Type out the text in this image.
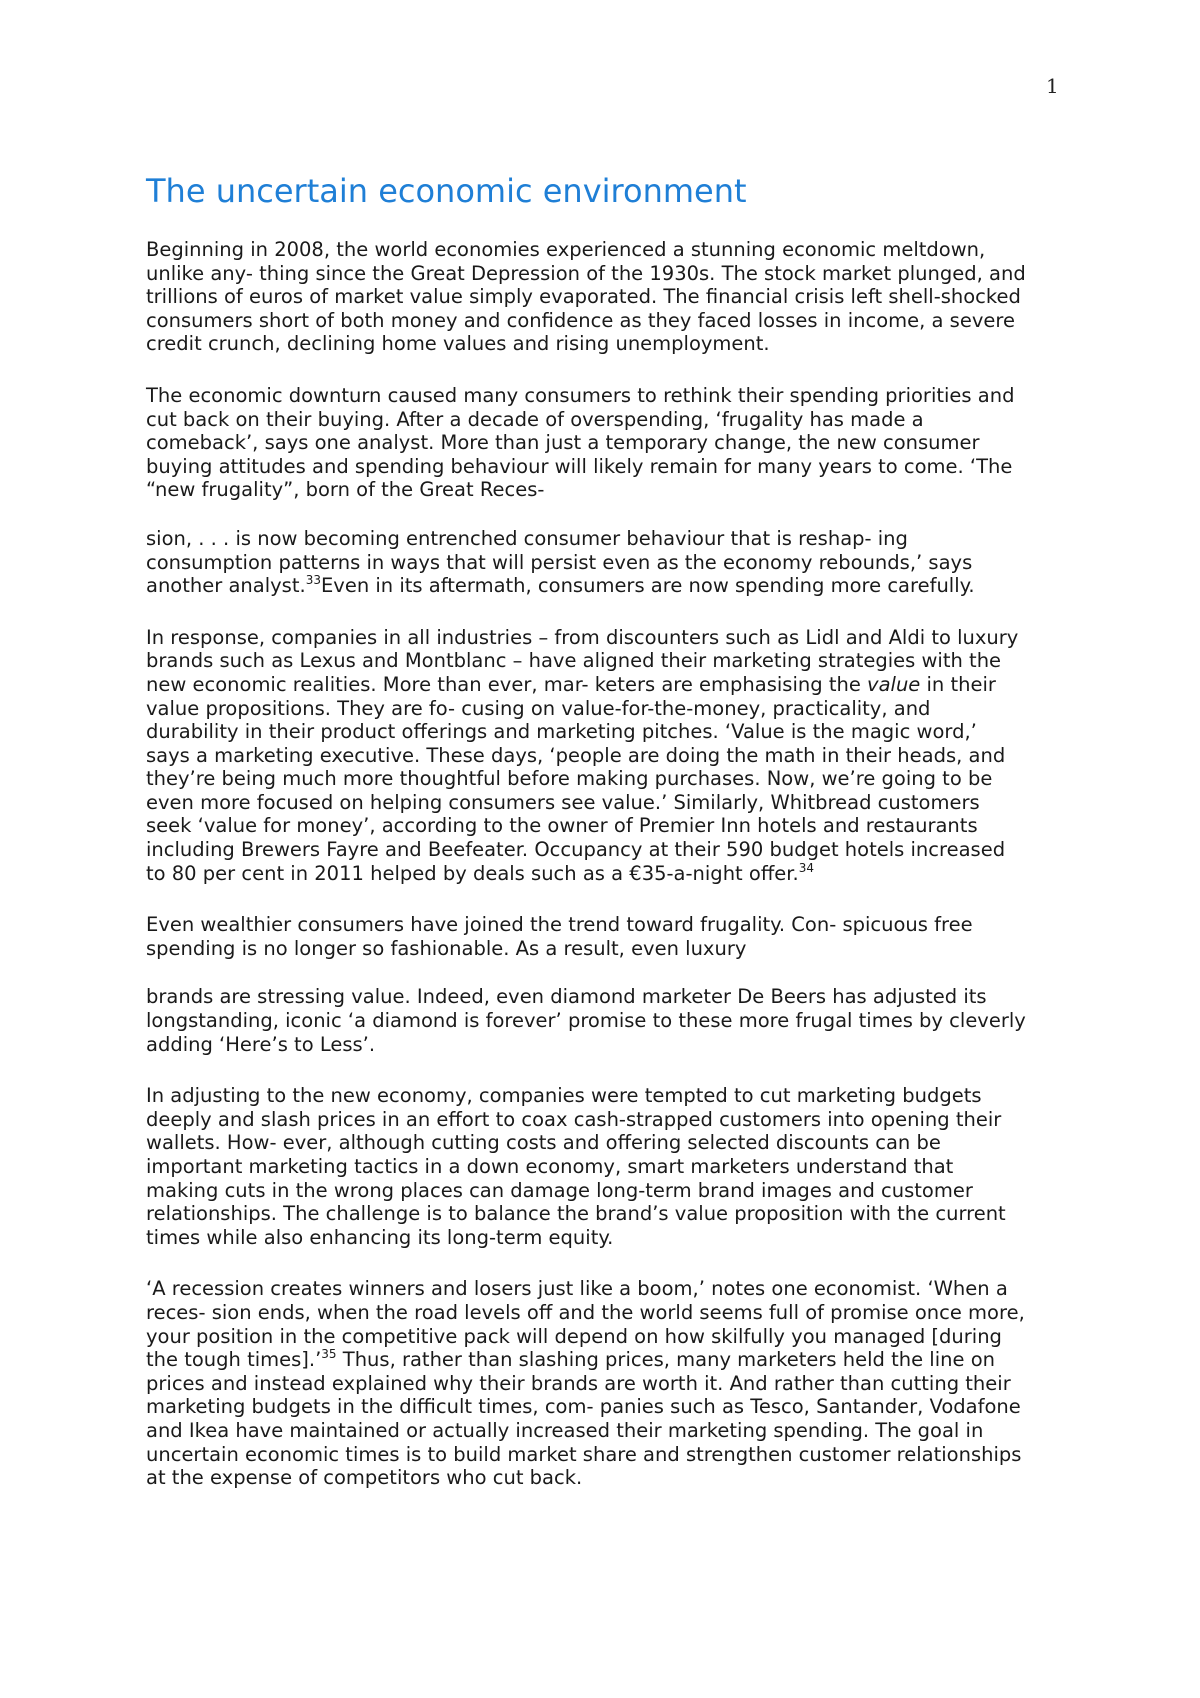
1
The uncertain economic environment

Beginning in 2008, the world economies experienced a stunning economic meltdown,
unlike any- thing since the Great Depression of the 1930s. The stock market plunged, and
trillions of euros of market value simply evaporated. The financial crisis left shell-shocked
consumers short of both money and confidence as they faced losses in income, a severe
credit crunch, declining home values and rising unemployment.

The economic downturn caused many consumers to rethink their spending priorities and
cut back on their buying. After a decade of overspending, ‘frugality has made a
comeback’, says one analyst. More than just a temporary change, the new consumer
buying attitudes and spending behaviour will likely remain for many years to come. ‘The
“new frugality”, born of the Great Reces-
sion, . . . is now becoming entrenched consumer behaviour that is reshap- ing
consumption patterns in ways that will persist even as the economy rebounds,’ says
another analyst.$^{33}$Even in its aftermath, consumers are now spending more carefully.

In response, companies in all industries – from discounters such as Lidl and Aldi to luxury
brands such as Lexus and Montblanc – have aligned their marketing strategies with the
new economic realities. More than ever, mar- keters are emphasising the value in their
value propositions. They are fo- cusing on value-for-the-money, practicality, and
durability in their product offerings and marketing pitches. ‘Value is the magic word,’
says a marketing executive. These days, ‘people are doing the math in their heads, and
they’re being much more thoughtful before making purchases. Now, we’re going to be
even more focused on helping consumers see value.’ Similarly, Whitbread customers
seek ‘value for money’, according to the owner of Premier Inn hotels and restaurants
including Brewers Fayre and Beefeater. Occupancy at their 590 budget hotels increased
to 80 per cent in 2011 helped by deals such as a €35-a-night offer.$^{34}$

Even wealthier consumers have joined the trend toward frugality. Con- spicuous free
spending is no longer so fashionable. As a result, even luxury
brands are stressing value. Indeed, even diamond marketer De Beers has adjusted its
longstanding, iconic ‘a diamond is forever’ promise to these more frugal times by cleverly
adding ‘Here’s to Less’.

In adjusting to the new economy, companies were tempted to cut marketing budgets
deeply and slash prices in an effort to coax cash-strapped customers into opening their
wallets. How- ever, although cutting costs and offering selected discounts can be
important marketing tactics in a down economy, smart marketers understand that
making cuts in the wrong places can damage long-term brand images and customer
relationships. The challenge is to balance the brand’s value proposition with the current
times while also enhancing its long-term equity.

‘A recession creates winners and losers just like a boom,’ notes one economist. ‘When a
reces- sion ends, when the road levels off and the world seems full of promise once more,
your position in the competitive pack will depend on how skilfully you managed [during
the tough times].’$^{35}$ Thus, rather than slashing prices, many marketers held the line on
prices and instead explained why their brands are worth it. And rather than cutting their
marketing budgets in the difficult times, com- panies such as Tesco, Santander, Vodafone
and Ikea have maintained or actually increased their marketing spending. The goal in
uncertain economic times is to build market share and strengthen customer relationships
at the expense of competitors who cut back.
